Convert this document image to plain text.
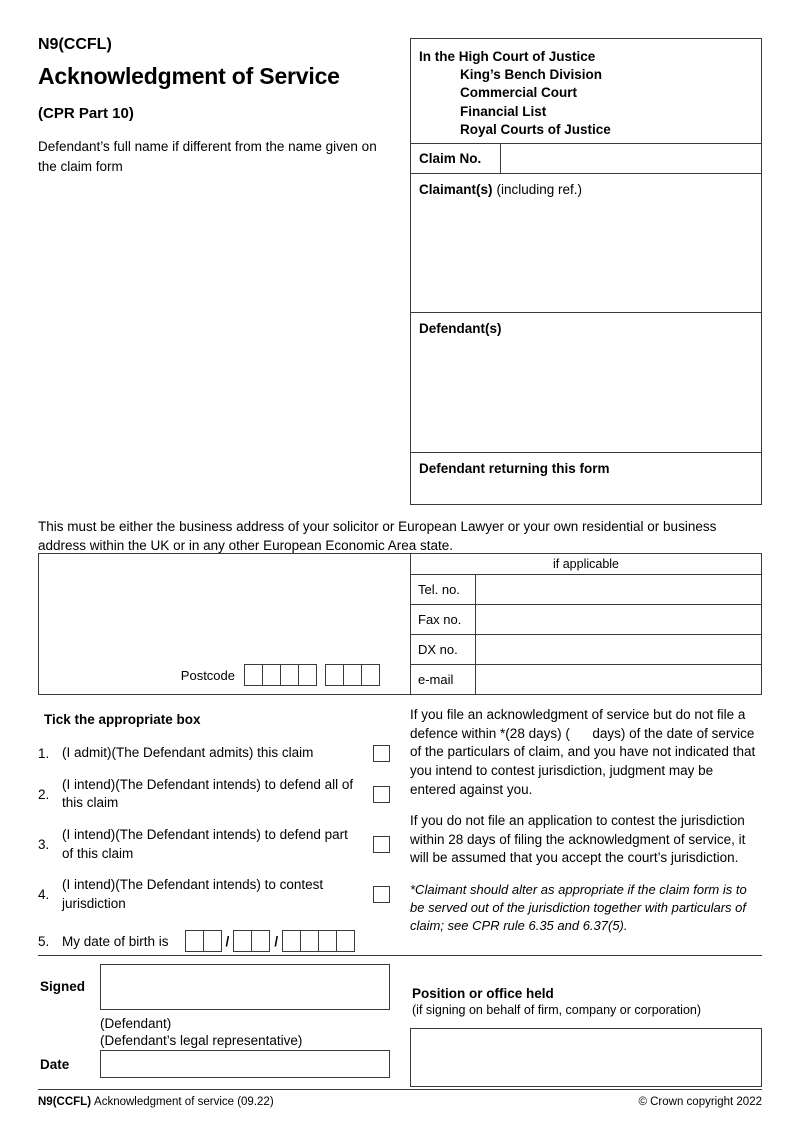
N9(CCFL)
Acknowledgment of Service
(CPR Part 10)
Defendant’s full name if different from the name given on the claim form
In the High Court of Justice
King’s Bench Division
Commercial Court
Financial List
Royal Courts of Justice
Claim No.
Claimant(s) (including ref.)
Defendant(s)
Defendant returning this form
This must be either the business address of your solicitor or European Lawyer or your own residential or business address within the UK or in any other European Economic Area state.
Postcode
if applicable
Tel. no.
Fax no.
DX no.
e-mail
Tick the appropriate box
1. (I admit)(The Defendant admits) this claim
2.
(I intend)(The Defendant intends) to defend all of this claim
3.
(I intend)(The Defendant intends) to defend part of this claim
4.
(I intend)(The Defendant intends) to contest jurisdiction
5. My date of birth is	/	/
If you file an acknowledgment of service but do not file a defence within *(28 days) (      days) of the date of service of the particulars of claim, and you have not indicated that you intend to contest jurisdiction, judgment may be entered against you.
If you do not file an application to contest the jurisdiction within 28 days of filing the acknowledgment of service, it will be assumed that you accept the court’s jurisdiction.
*Claimant should alter as appropriate if the claim form is to be served out of the jurisdiction together with particulars of claim; see CPR rule 6.35 and 6.37(5).
Signed
(Defendant)
(Defendant’s legal representative)
Date
Position or office held
(if signing on behalf of firm, company or corporation)
N9(CCFL) Acknowledgment of service (09.22)	© Crown copyright 2022
